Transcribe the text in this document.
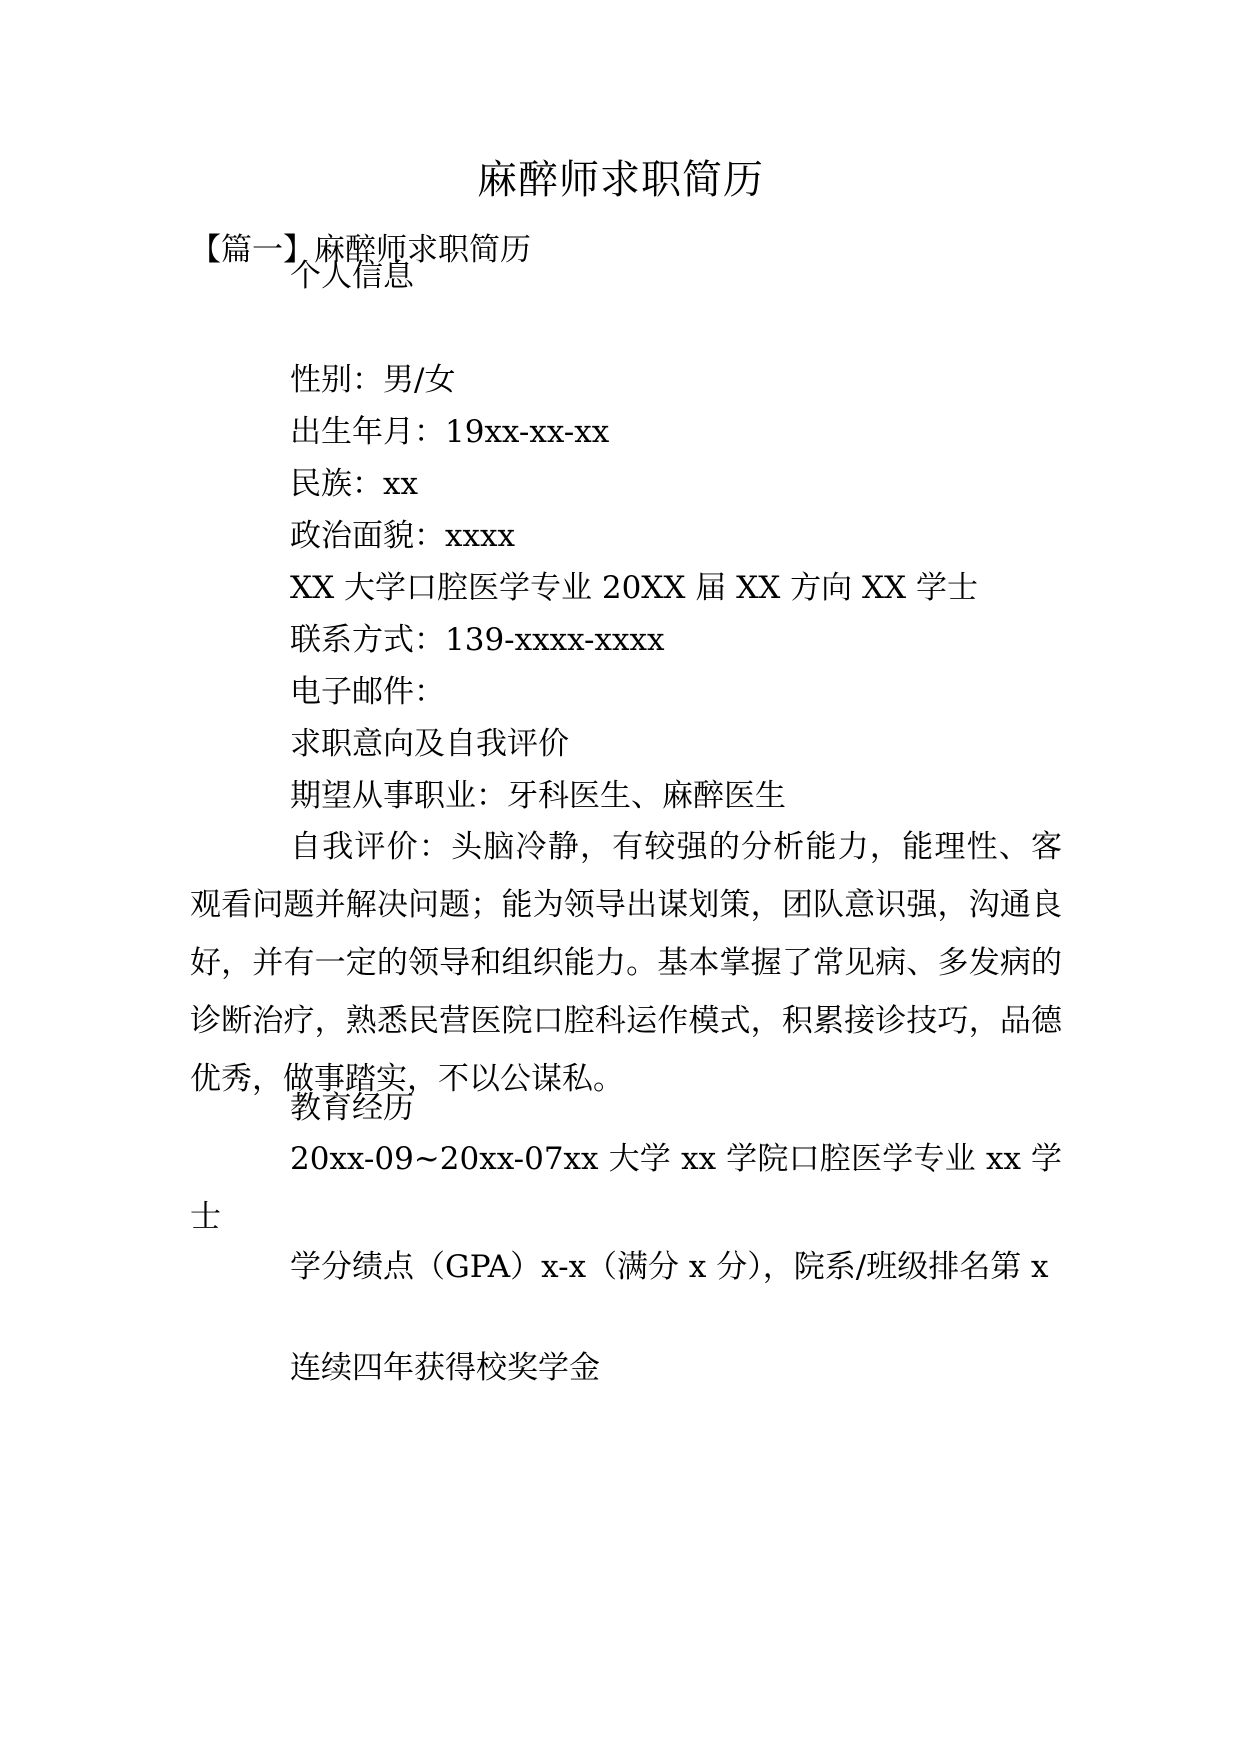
麻醉师求职简历
【篇一】麻醉师求职简历
个人信息
性别：男/女
出生年月：19xx-xx-xx
民族：xx
政治面貌：xxxx
XX 大学口腔医学专业 20XX 届 XX 方向 XX 学士
联系方式：139-xxxx-xxxx
电子邮件：
求职意向及自我评价
期望从事职业：牙科医生、麻醉医生
自我评价：头脑冷静，有较强的分析能力，能理性、客观看问题并解决问题；能为领导出谋划策，团队意识强，沟通良好，并有一定的领导和组织能力。基本掌握了常见病、多发病的诊断治疗，熟悉民营医院口腔科运作模式，积累接诊技巧，品德优秀，做事踏实，不以公谋私。
教育经历
20xx-09~20xx-07xx 大学 xx 学院口腔医学专业 xx 学士
学分绩点（GPA）x-x（满分 x 分），院系/班级排名第 x
连续四年获得校奖学金
